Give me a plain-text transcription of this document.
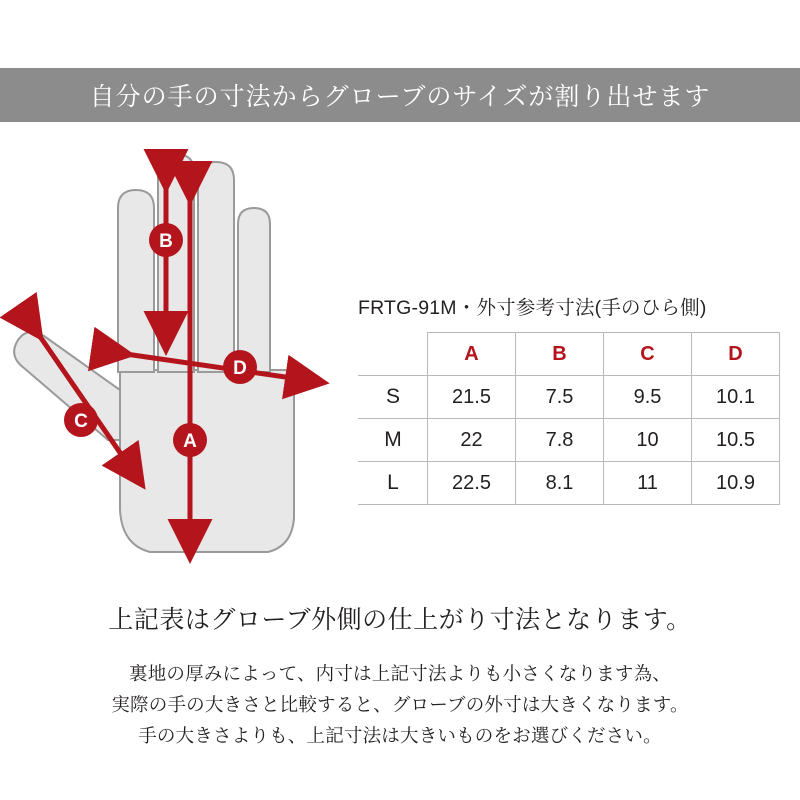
自分の手の寸法からグローブのサイズが割り出せます
A
B
C
D
FRTG-91M・外寸参考寸法(手のひら側)
	A	B	C	D
S	21.5	7.5	9.5	10.1
M	22	7.8	10	10.5
L	22.5	8.1	11	10.9
上記表はグローブ外側の仕上がり寸法となります。
裏地の厚みによって、内寸は上記寸法よりも小さくなります為、
実際の手の大きさと比較すると、グローブの外寸は大きくなります。
手の大きさよりも、上記寸法は大きいものをお選びください。
